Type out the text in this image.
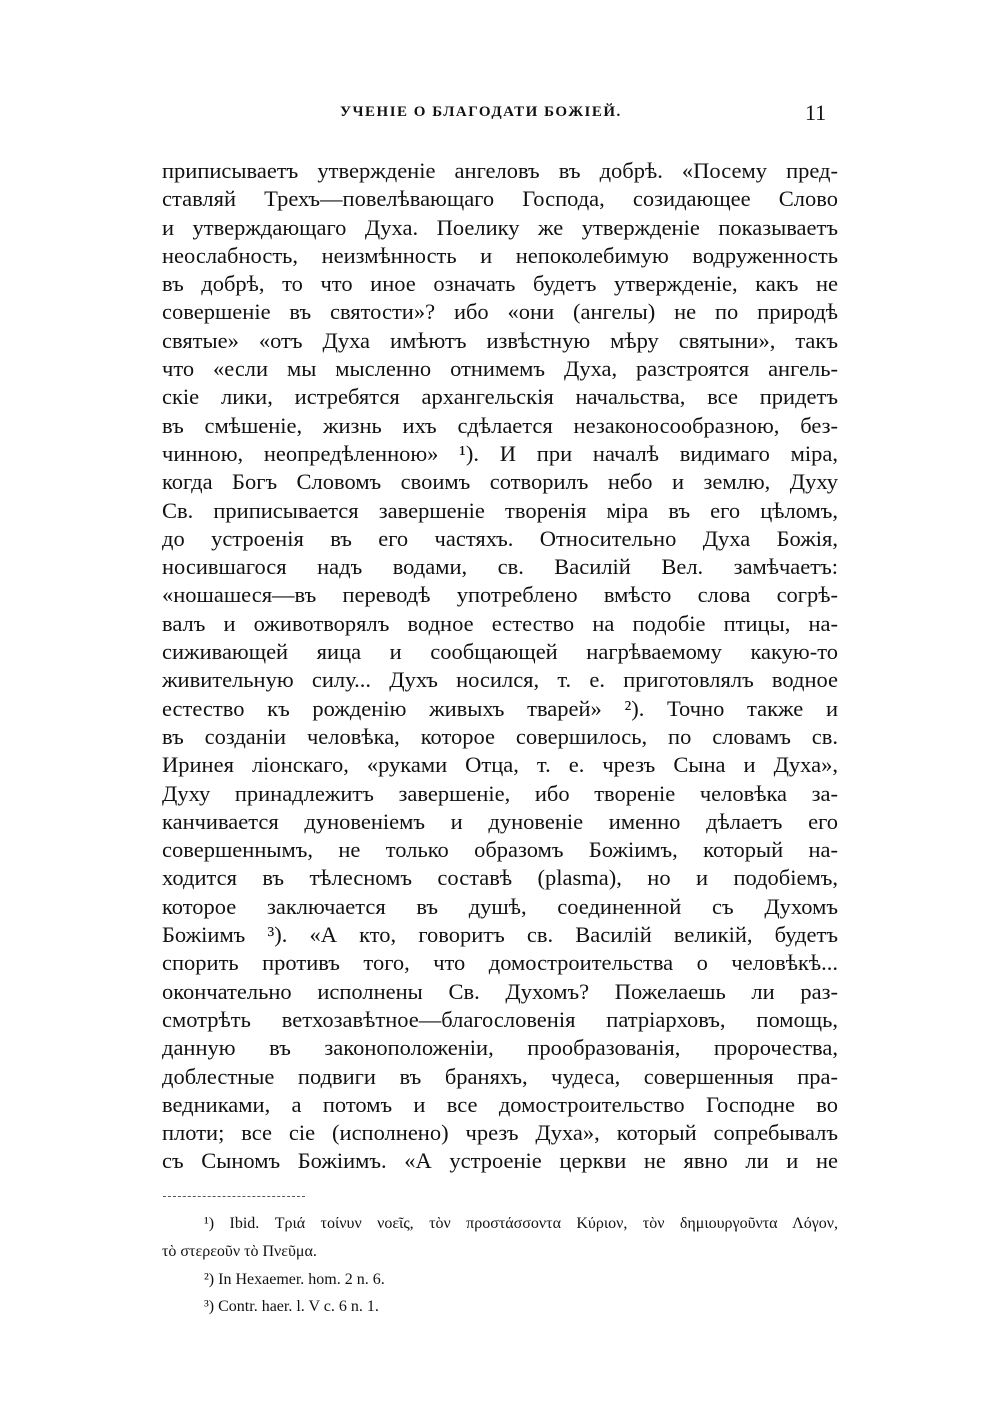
УЧЕНІЕ О БЛАГОДАТИ БОЖІЕЙ.	11
приписываетъ утвержденіе ангеловъ въ добрѣ. «Посему пред-
ставляй Трехъ—повелѣвающаго Господа, созидающее Слово
и утверждающаго Духа. Поелику же утвержденіе показываетъ
неослабность, неизмѣнность и непоколебимую водруженность
въ добрѣ, то что иное означать будетъ утвержденіе, какъ не
совершеніе въ святости»? ибо «они (ангелы) не по природѣ
святые» «отъ Духа имѣютъ извѣстную мѣру святыни», такъ
что «если мы мысленно отнимемъ Духа, разстроятся ангель-
скіе лики, истребятся архангельскія начальства, все придетъ
въ смѣшеніе, жизнь ихъ сдѣлается незаконосообразною, без-
чинною, неопредѣленною» ¹). И при началѣ видимаго міра,
когда Богъ Словомъ своимъ сотворилъ небо и землю, Духу
Св. приписывается завершеніе творенія міра въ его цѣломъ,
до устроенія въ его частяхъ. Относительно Духа Божія,
носившагося надъ водами, св. Василій Вел. замѣчаетъ:
«ношашеся—въ переводѣ употреблено вмѣсто слова согрѣ-
валъ и оживотворялъ водное естество на подобіе птицы, на-
сиживающей яица и сообщающей нагрѣваемому какую-то
живительную силу... Духъ носился, т. е. приготовлялъ водное
естество къ рожденію живыхъ тварей» ²). Точно также и
въ созданіи человѣка, которое совершилось, по словамъ св.
Иринея ліонскаго, «руками Отца, т. е. чрезъ Сына и Духа»,
Духу принадлежитъ завершеніе, ибо твореніе человѣка за-
канчивается дуновеніемъ и дуновеніе именно дѣлаетъ его
совершеннымъ, не только образомъ Божіимъ, который на-
ходится въ тѣлесномъ составѣ (plasma), но и подобіемъ,
которое заключается въ душѣ, соединенной съ Духомъ
Божіимъ ³). «А кто, говоритъ св. Василій великій, будетъ
спорить противъ того, что домостроительства о человѣкѣ...
окончательно исполнены Св. Духомъ? Пожелаешь ли раз-
смотрѣть ветхозавѣтное—благословенія патріарховъ, помощь,
данную въ законоположеніи, прообразованія, пророчества,
доблестные подвиги въ браняхъ, чудеса, совершенныя пра-
ведниками, а потомъ и все домостроительство Господне во
плоти; все сіе (исполнено) чрезъ Духа», который сопребывалъ
съ Сыномъ Божіимъ. «А устроеніе церкви не явно ли и не
¹) Ibid. Τριά τοίνυν νοεῖς, τὸν προστάσσοντα Κύριον, τὸν δημιουργοῦντα Λόγον,
τὸ στερεοῦν τὸ Πνεῦμα.
²) In Hexaemer. hom. 2 n. 6.
³) Contr. haer. l. V c. 6 n. 1.
